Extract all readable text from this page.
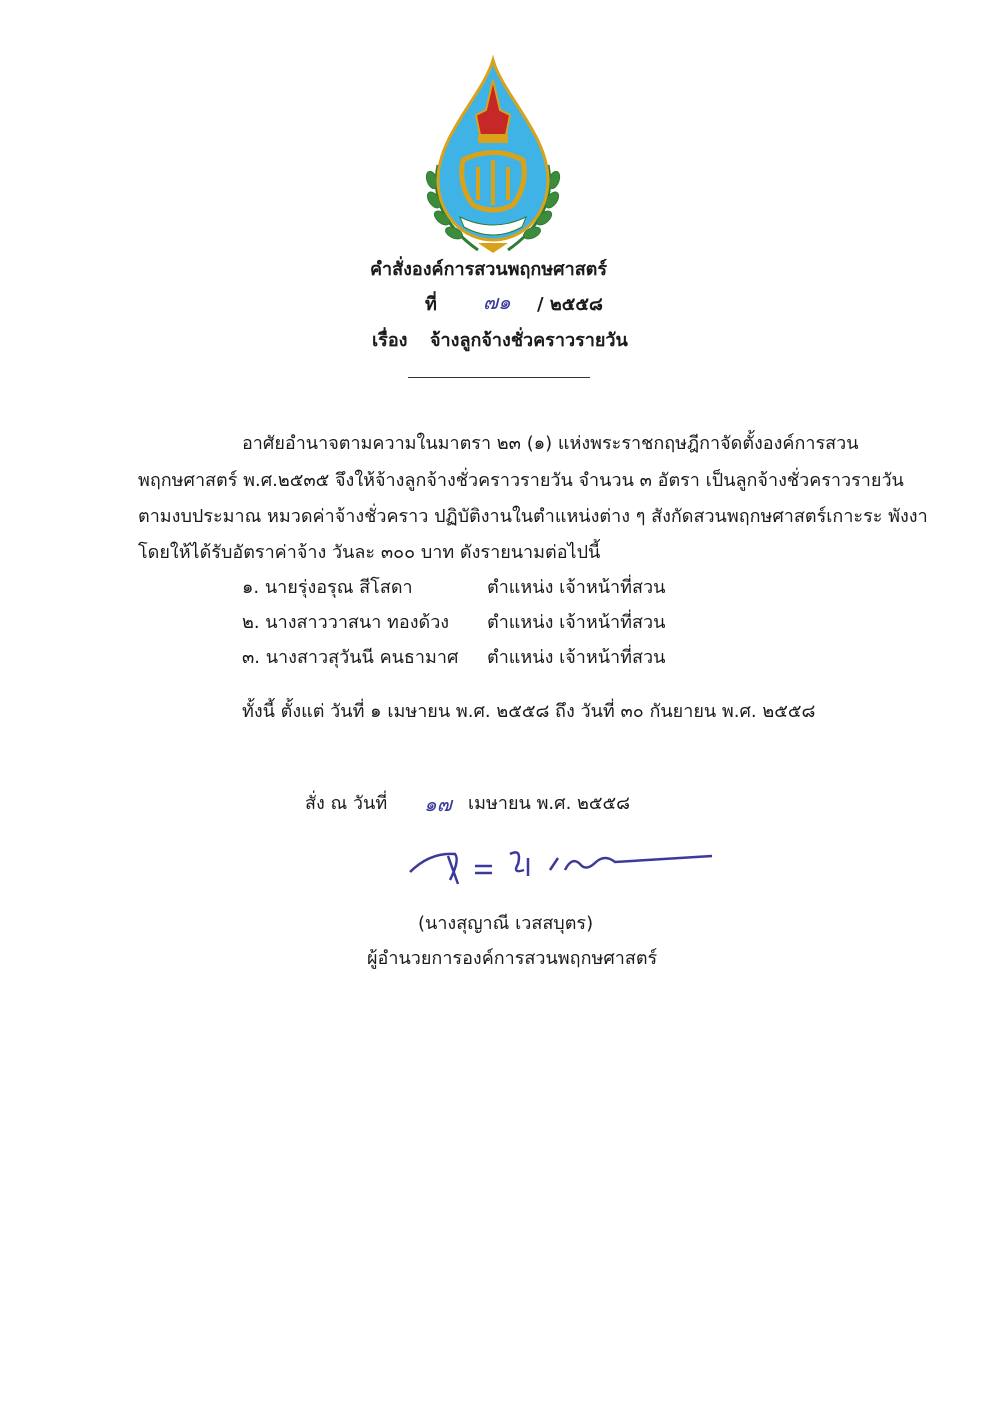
คำสั่งองค์การสวนพฤกษศาสตร์
ที่ ๗๑ / ๒๕๕๘
เรื่อง จ้างลูกจ้างชั่วคราวรายวัน
อาศัยอำนาจตามความในมาตรา ๒๓ (๑) แห่งพระราชกฤษฎีกาจัดตั้งองค์การสวน
พฤกษศาสตร์ พ.ศ.๒๕๓๕ จึงให้จ้างลูกจ้างชั่วคราวรายวัน จำนวน ๓ อัตรา เป็นลูกจ้างชั่วคราวรายวัน
ตามงบประมาณ หมวดค่าจ้างชั่วคราว ปฏิบัติงานในตำแหน่งต่าง ๆ สังกัดสวนพฤกษศาสตร์เกาะระ พังงา
โดยให้ได้รับอัตราค่าจ้าง วันละ ๓๐๐ บาท ดังรายนามต่อไปนี้
๑. นายรุ่งอรุณ สีโสดา	ตำแหน่ง เจ้าหน้าที่สวน
๒. นางสาววาสนา ทองด้วง ตำแหน่ง เจ้าหน้าที่สวน
๓. นางสาวสุวันนี คนธามาศ ตำแหน่ง เจ้าหน้าที่สวน
ทั้งนี้ ตั้งแต่ วันที่ ๑ เมษายน พ.ศ. ๒๕๕๘ ถึง วันที่ ๓๐ กันยายน พ.ศ. ๒๕๕๘
สั่ง ณ วันที่ ๑๗ เมษายน พ.ศ. ๒๕๕๘
(นางสุญาณี เวสสบุตร)
ผู้อำนวยการองค์การสวนพฤกษศาสตร์
